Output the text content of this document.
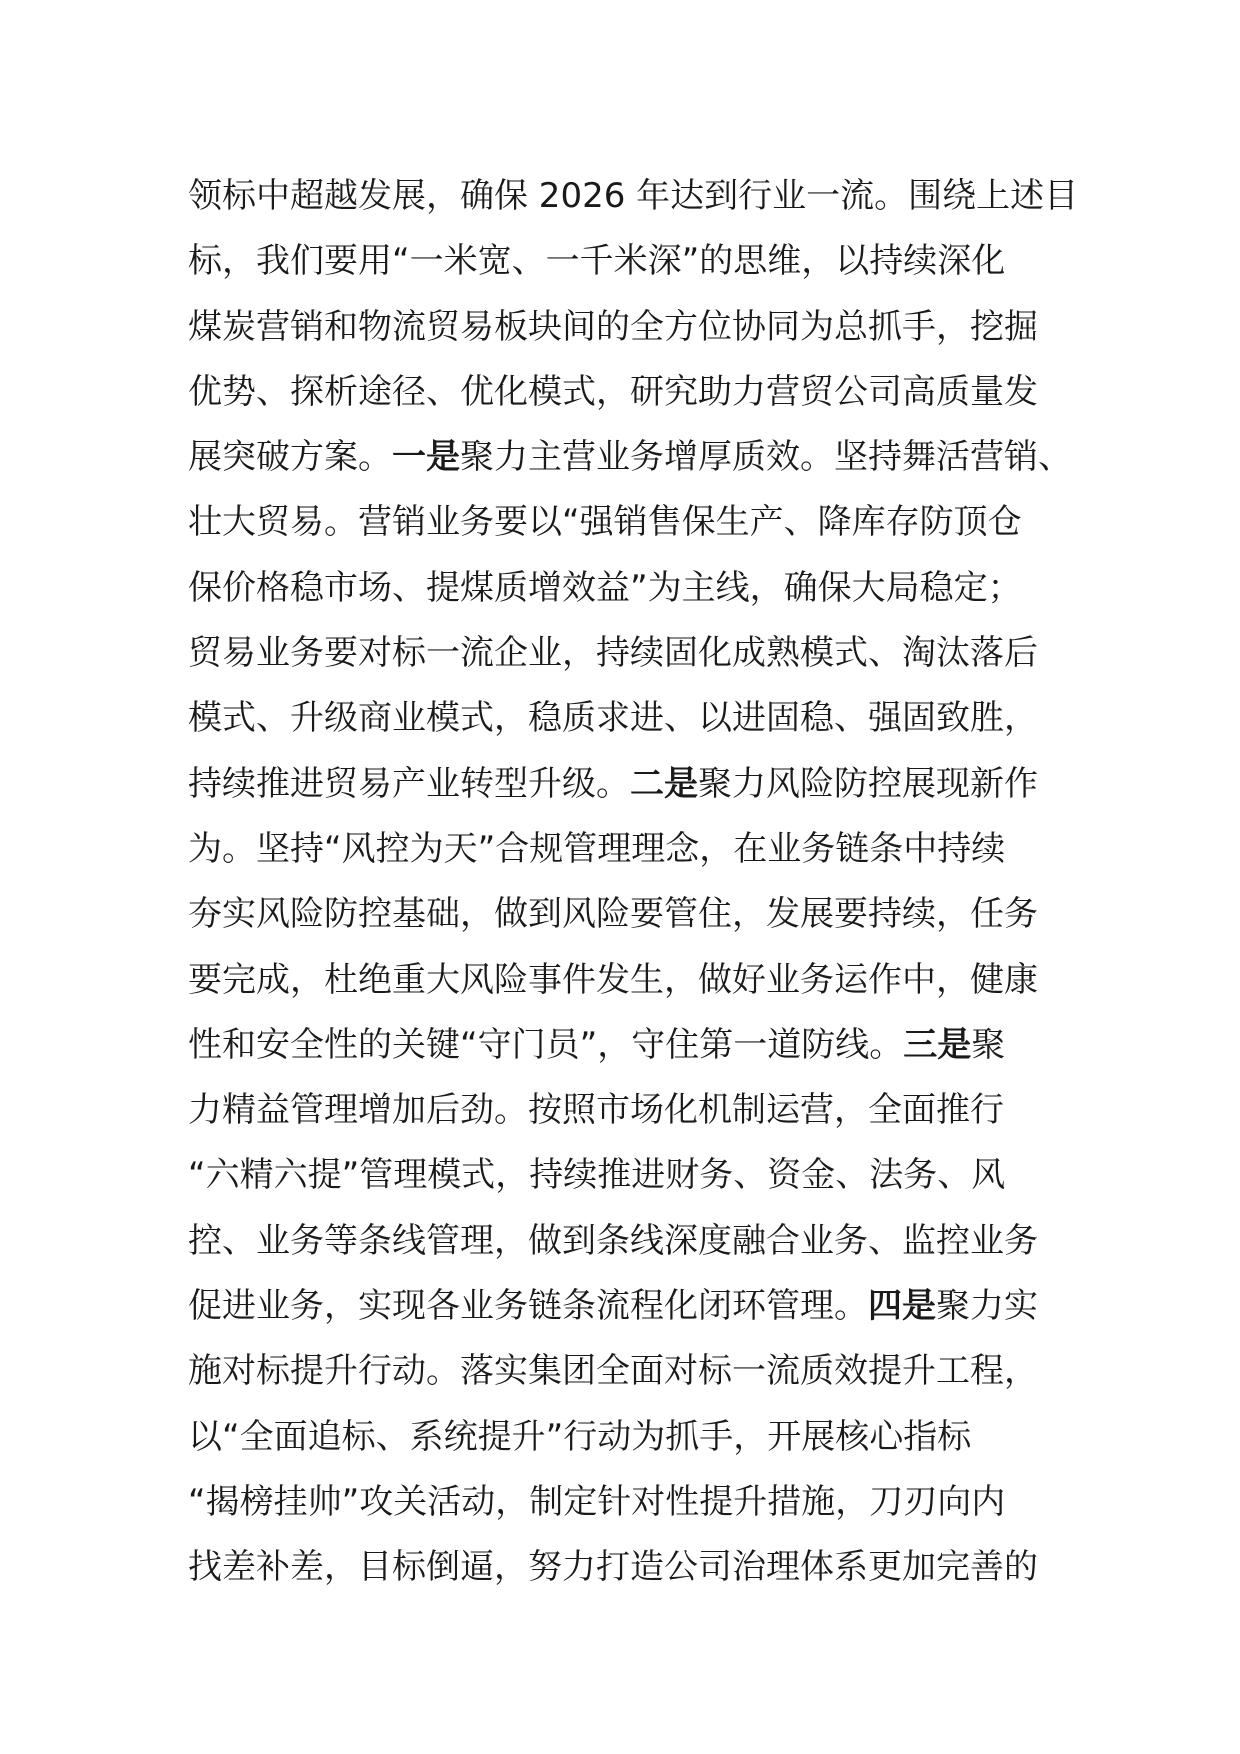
领标中超越发展，确保 2026 年达到行业一流。围绕上述目
标，我们要用“一米宽、一千米深”的思维，以持续深化
煤炭营销和物流贸易板块间的全方位协同为总抓手，挖掘
优势、探析途径、优化模式，研究助力营贸公司高质量发
展突破方案。一是聚力主营业务增厚质效。坚持舞活营销、
壮大贸易。营销业务要以“强销售保生产、降库存防顶仓
保价格稳市场、提煤质增效益”为主线，确保大局稳定；
贸易业务要对标一流企业，持续固化成熟模式、淘汰落后
模式、升级商业模式，稳质求进、以进固稳、强固致胜，
持续推进贸易产业转型升级。二是聚力风险防控展现新作
为。坚持“风控为天”合规管理理念，在业务链条中持续
夯实风险防控基础，做到风险要管住，发展要持续，任务
要完成，杜绝重大风险事件发生，做好业务运作中，健康
性和安全性的关键“守门员”，守住第一道防线。三是聚
力精益管理增加后劲。按照市场化机制运营，全面推行
“六精六提”管理模式，持续推进财务、资金、法务、风
控、业务等条线管理，做到条线深度融合业务、监控业务
促进业务，实现各业务链条流程化闭环管理。四是聚力实
施对标提升行动。落实集团全面对标一流质效提升工程，
以“全面追标、系统提升”行动为抓手，开展核心指标
“揭榜挂帅”攻关活动，制定针对性提升措施，刀刃向内
找差补差，目标倒逼，努力打造公司治理体系更加完善的
